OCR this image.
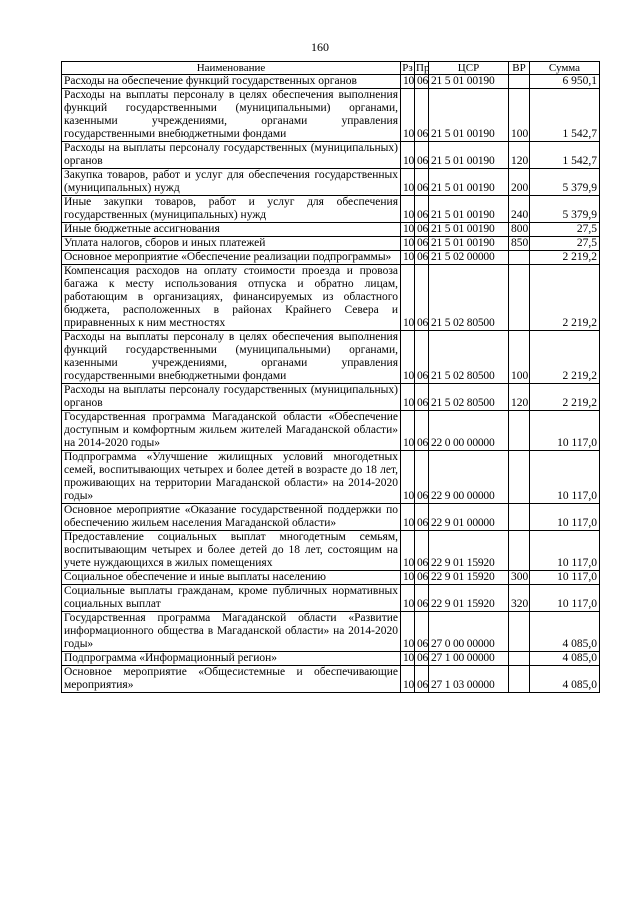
160
Наименование	Рз	Пр	ЦСР	ВР	Сумма
Расходы на обеспечение функций государственных органов	10	06	21 5 01 00190		6 950,1
Расходы на выплаты персоналу в целях обеспечения выполнения функций государственными (муниципальными) органами, казенными учреждениями, органами управления государственными внебюджетными фондами	10	06	21 5 01 00190	100	1 542,7
Расходы на выплаты персоналу государственных (муниципальных) органов	10	06	21 5 01 00190	120	1 542,7
Закупка товаров, работ и услуг для обеспечения государственных (муниципальных) нужд	10	06	21 5 01 00190	200	5 379,9
Иные закупки товаров, работ и услуг для обеспечения государственных (муниципальных) нужд	10	06	21 5 01 00190	240	5 379,9
Иные бюджетные ассигнования	10	06	21 5 01 00190	800	27,5
Уплата налогов, сборов и иных платежей	10	06	21 5 01 00190	850	27,5
Основное мероприятие «Обеспечение реализации подпрограммы»	10	06	21 5 02 00000		2 219,2
Компенсация расходов на оплату стоимости проезда и провоза багажа к месту использования отпуска и обратно лицам, работающим в организациях, финансируемых из областного бюджета, расположенных в районах Крайнего Севера и приравненных к ним местностях	10	06	21 5 02 80500		2 219,2
Расходы на выплаты персоналу в целях обеспечения выполнения функций государственными (муниципальными) органами, казенными учреждениями, органами управления государственными внебюджетными фондами	10	06	21 5 02 80500	100	2 219,2
Расходы на выплаты персоналу государственных (муниципальных) органов	10	06	21 5 02 80500	120	2 219,2
Государственная программа Магаданской области «Обеспечение доступным и комфортным жильем жителей Магаданской области» на 2014-2020 годы»	10	06	22 0 00 00000		10 117,0
Подпрограмма «Улучшение жилищных условий многодетных семей, воспитывающих четырех и более детей в возрасте до 18 лет, проживающих на территории Магаданской области» на 2014-2020 годы»	10	06	22 9 00 00000		10 117,0
Основное мероприятие «Оказание государственной поддержки по обеспечению жильем населения Магаданской области»	10	06	22 9 01 00000		10 117,0
Предоставление социальных выплат многодетным семьям, воспитывающим четырех и более детей до 18 лет, состоящим на учете нуждающихся в жилых помещениях	10	06	22 9 01 15920		10 117,0
Социальное обеспечение и иные выплаты населению	10	06	22 9 01 15920	300	10 117,0
Социальные выплаты гражданам, кроме публичных нормативных социальных выплат	10	06	22 9 01 15920	320	10 117,0
Государственная программа Магаданской области «Развитие информационного общества в Магаданской области» на 2014-2020 годы»	10	06	27 0 00 00000		4 085,0
Подпрограмма «Информационный регион»	10	06	27 1 00 00000		4 085,0
Основное мероприятие «Общесистемные и обеспечивающие мероприятия»	10	06	27 1 03 00000		4 085,0
